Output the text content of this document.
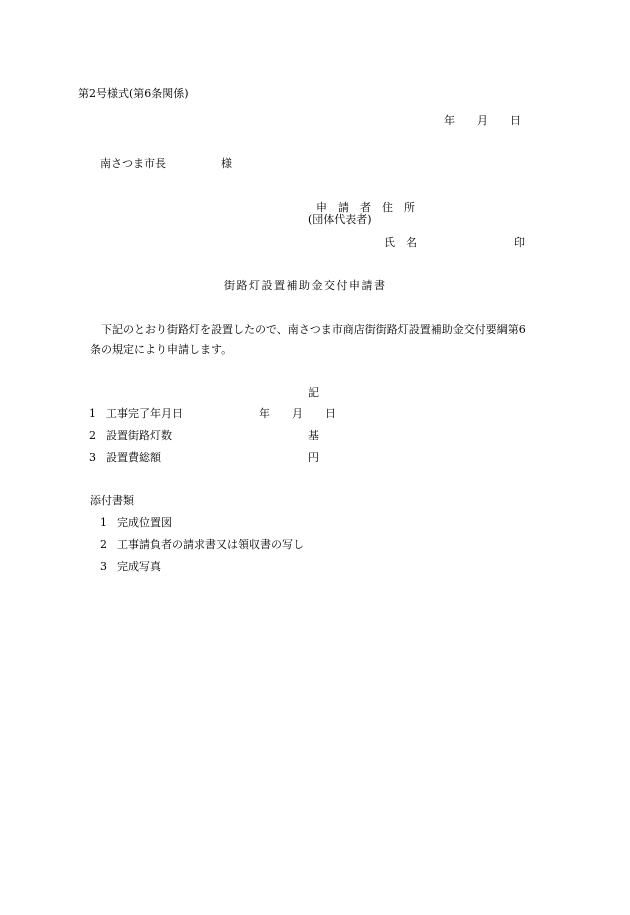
第2号様式(第6条関係)
年　　月　　日
南さつま市長　　　　　様
申　請　者　住　所
(団体代表者)
氏　名	印
街路灯設置補助金交付申請書
下記のとおり街路灯を設置したので、南さつま市商店街街路灯設置補助金交付要綱第6
条の規定により申請します。
記
1 工事完了年月日	年　　月　　日
2 設置街路灯数	基
3 設置費総額	円
添付書類
1 完成位置図
2 工事請負者の請求書又は領収書の写し
3 完成写真
